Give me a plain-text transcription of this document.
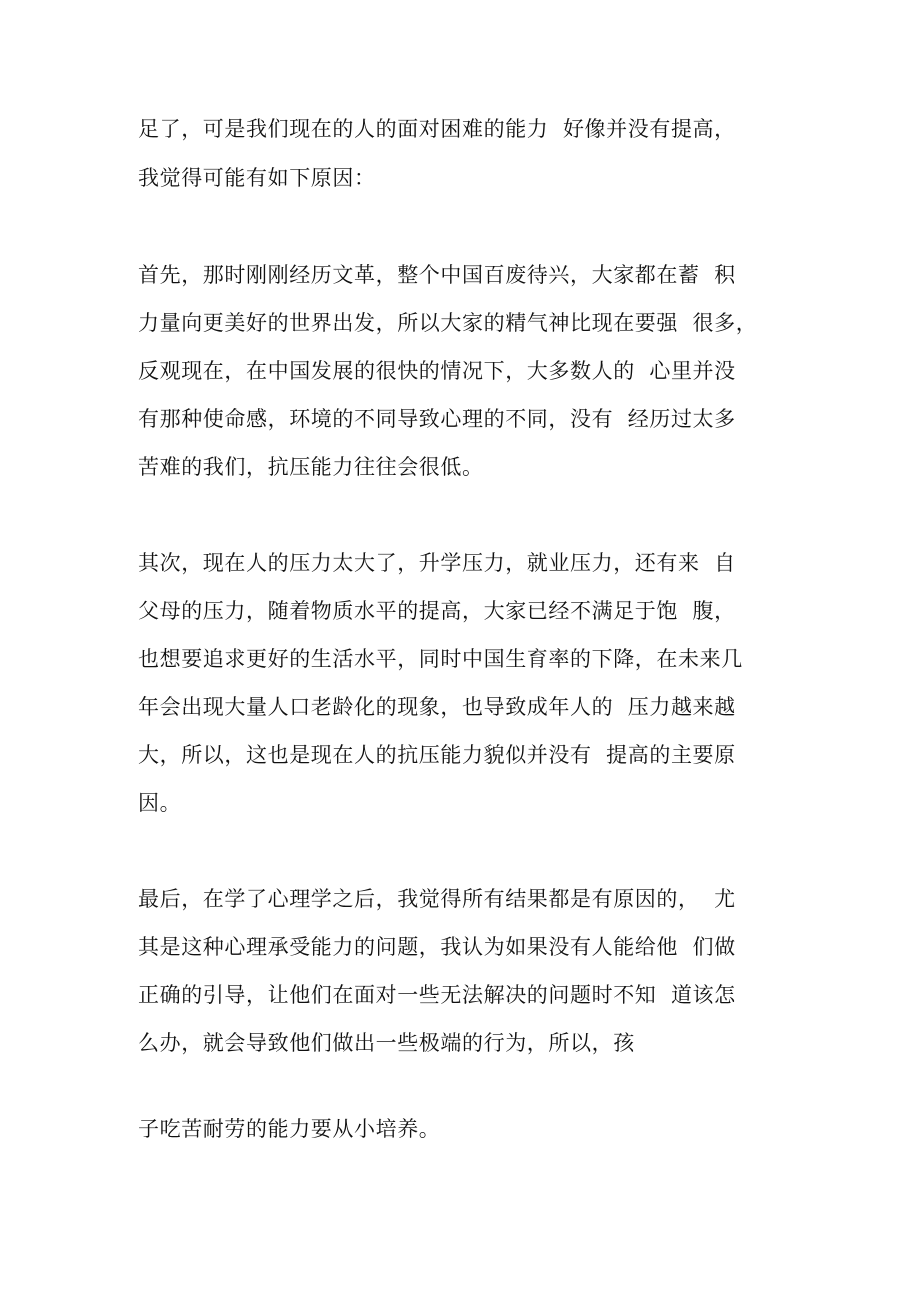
足了，可是我们现在的人的面对困难的能力  好像并没有提高，
我觉得可能有如下原因：
首先，那时刚刚经历文革，整个中国百废待兴，大家都在蓄  积
力量向更美好的世界出发，所以大家的精气神比现在要强  很多，
反观现在，在中国发展的很快的情况下，大多数人的  心里并没
有那种使命感，环境的不同导致心理的不同，没有  经历过太多
苦难的我们，抗压能力往往会很低。
其次，现在人的压力太大了，升学压力，就业压力，还有来  自
父母的压力，随着物质水平的提高，大家已经不满足于饱  腹，
也想要追求更好的生活水平，同时中国生育率的下降，在未来几
年会出现大量人口老龄化的现象，也导致成年人的  压力越来越
大，所以，这也是现在人的抗压能力貌似并没有  提高的主要原
因。
最后，在学了心理学之后，我觉得所有结果都是有原因的，  尤
其是这种心理承受能力的问题，我认为如果没有人能给他  们做
正确的引导，让他们在面对一些无法解决的问题时不知  道该怎
么办，就会导致他们做出一些极端的行为，所以，孩
子吃苦耐劳的能力要从小培养。
